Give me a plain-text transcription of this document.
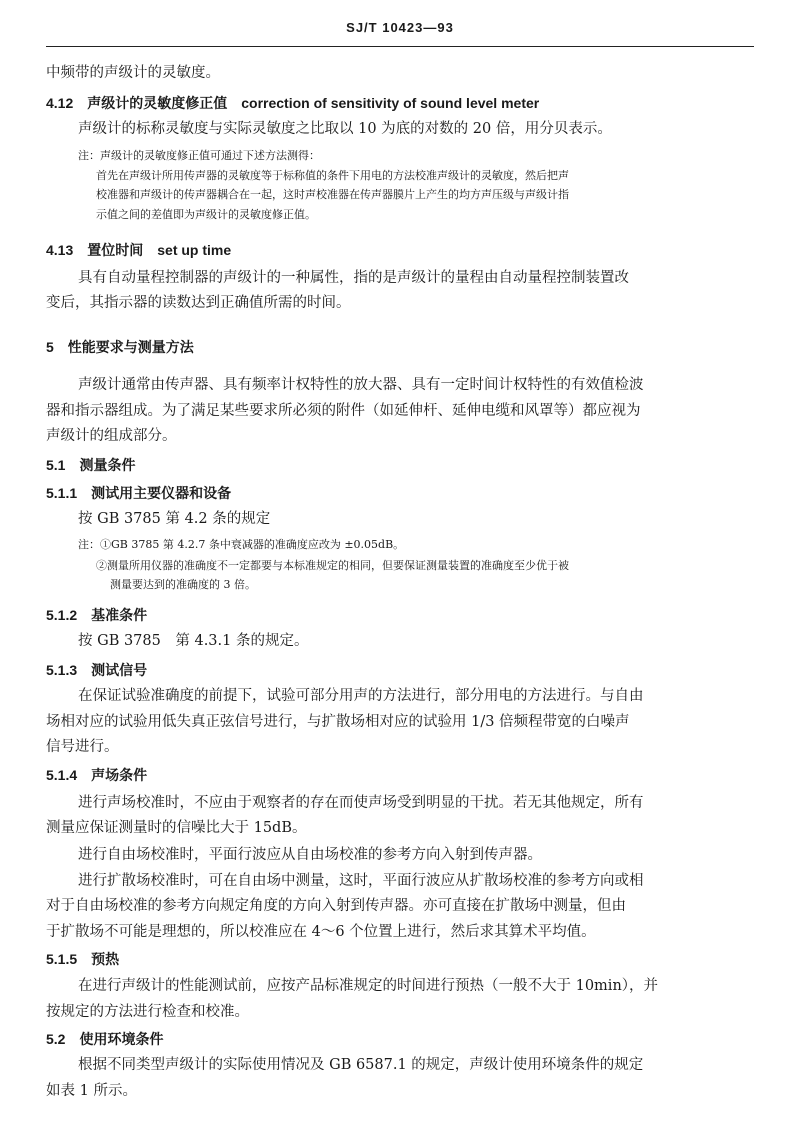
SJ/T 10423—93
中频带的声级计的灵敏度。
4.12　声级计的灵敏度修正值　correction of sensitivity of sound level meter
声级计的标称灵敏度与实际灵敏度之比取以 10 为底的对数的 20 倍，用分贝表示。
注：声级计的灵敏度修正值可通过下述方法测得：
首先在声级计所用传声器的灵敏度等于标称值的条件下用电的方法校准声级计的灵敏度，然后把声
校准器和声级计的传声器耦合在一起，这时声校准器在传声器膜片上产生的均方声压级与声级计指
示值之间的差值即为声级计的灵敏度修正值。
4.13　置位时间　set up time
具有自动量程控制器的声级计的一种属性，指的是声级计的量程由自动量程控制装置改
变后，其指示器的读数达到正确值所需的时间。
5　性能要求与测量方法
声级计通常由传声器、具有频率计权特性的放大器、具有一定时间计权特性的有效值检波
器和指示器组成。为了满足某些要求所必须的附件（如延伸杆、延伸电缆和风罩等）都应视为
声级计的组成部分。
5.1　测量条件
5.1.1　测试用主要仪器和设备
按 GB 3785 第 4.2 条的规定
注：①GB 3785 第 4.2.7 条中衰减器的准确度应改为 ±0.05dB。
②测量所用仪器的准确度不一定都要与本标准规定的相同，但要保证测量装置的准确度至少优于被
测量要达到的准确度的 3 倍。
5.1.2　基准条件
按 GB 3785　第 4.3.1 条的规定。
5.1.3　测试信号
在保证试验准确度的前提下，试验可部分用声的方法进行，部分用电的方法进行。与自由
场相对应的试验用低失真正弦信号进行，与扩散场相对应的试验用 1/3 倍频程带宽的白噪声
信号进行。
5.1.4　声场条件
进行声场校准时，不应由于观察者的存在而使声场受到明显的干扰。若无其他规定，所有
测量应保证测量时的信噪比大于 15dB。
进行自由场校准时，平面行波应从自由场校准的参考方向入射到传声器。
进行扩散场校准时，可在自由场中测量，这时，平面行波应从扩散场校准的参考方向或相
对于自由场校准的参考方向规定角度的方向入射到传声器。亦可直接在扩散场中测量，但由
于扩散场不可能是理想的，所以校准应在 4～6 个位置上进行，然后求其算术平均值。
5.1.5　预热
在进行声级计的性能测试前，应按产品标准规定的时间进行预热（一般不大于 10min），并
按规定的方法进行检查和校准。
5.2　使用环境条件
根据不同类型声级计的实际使用情况及 GB 6587.1 的规定，声级计使用环境条件的规定
如表 1 所示。
